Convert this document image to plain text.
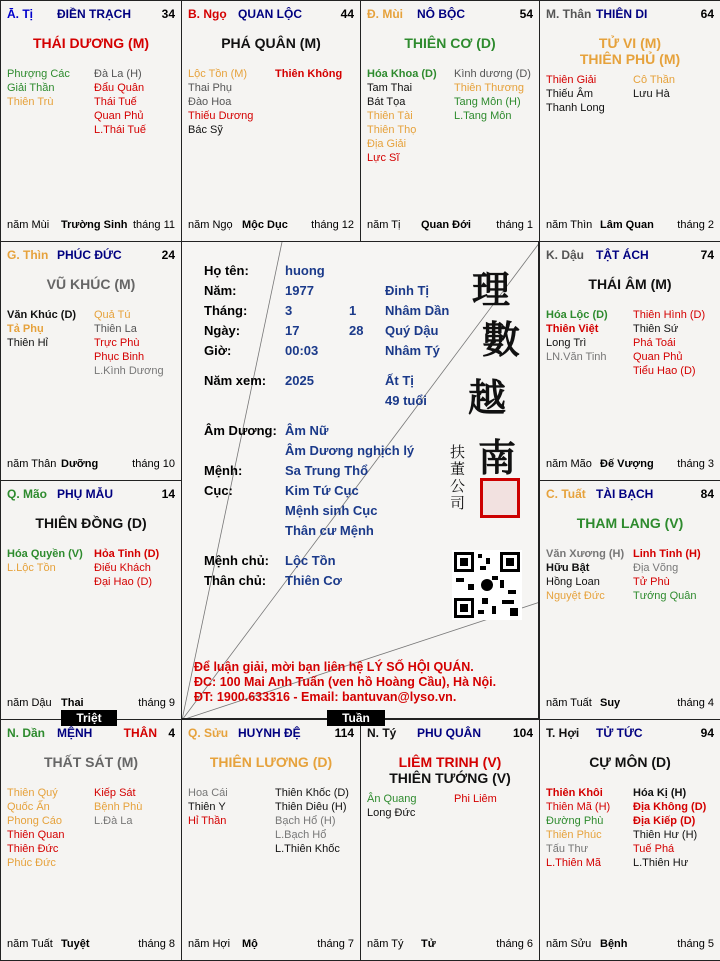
Ā. Tị ĐIỀN TRẠCH	34
THÁI DƯƠNG (M)
Phượng Các
Giải Thần
Thiên Trù
Đà La (H)
Đẩu Quân
Thái Tuế
Quan Phủ
L.Thái Tuế
năm Mùi Trường Sinh tháng 11
B. Ngọ QUAN LỘC	44
PHÁ QUÂN (M)
Lộc Tồn (M)
Thai Phụ
Đào Hoa
Thiếu Dương
Bác Sỹ
Thiên Không
năm Ngọ Mộc Dục tháng 12
Đ. Mùi NÔ BỘC	54
THIÊN CƠ (D)
Hóa Khoa (D)
Tam Thai
Bát Tọa
Thiên Tài
Thiên Thọ
Địa Giải
Lực Sĩ
Kình dương (D)
Thiên Thương
Tang Môn (H)
L.Tang Môn
năm Tị Quan Đới tháng 1
M. Thân THIÊN DI	64
TỬ VI (M)
THIÊN PHỦ (M)
Thiên Giải
Thiếu Âm
Thanh Long
Cô Thần
Lưu Hà
năm Thìn Lâm Quan tháng 2
G. Thìn PHÚC ĐỨC	24
VŨ KHÚC (M)
Văn Khúc (D)
Tả Phụ
Thiên Hỉ
Quả Tú
Thiên La
Trực Phù
Phục Binh
L.Kình Dương
năm Thân Dưỡng	tháng 10
K. Dậu TẬT ÁCH	74
THÁI ÂM (M)
Hóa Lộc (D)
Thiên Việt
Long Trì
LN.Văn Tinh
Thiên Hình (D)
Thiên Sứ
Phá Toái
Quan Phủ
Tiểu Hao (D)
năm Mão Đế Vượng tháng 3
Q. Mão PHỤ MẪU	14
THIÊN ĐỒNG (D)
Hóa Quyền (V)
L.Lộc Tồn
Hỏa Tinh (D)
Điếu Khách
Đại Hao (D)
năm Dậu Thai	tháng 9
C. Tuất TÀI BẠCH	84
THAM LANG (V)
Văn Xương (H)
Hữu Bật
Hồng Loan
Nguyệt Đức
Linh Tinh (H)
Địa Võng
Tử Phù
Tướng Quân
năm Tuất Suy	tháng 4
N. Dần MỆNH	THÂN 4
THẤT SÁT (M)
Thiên Quý
Quốc Ấn
Phong Cáo
Thiên Quan
Thiên Đức
Phúc Đức
Kiếp Sát
Bệnh Phù
L.Đà La
năm Tuất Tuyệt	tháng 8
Q. Sửu HUYNH ĐỆ	114
THIÊN LƯƠNG (D)
Hoa Cái
Thiên Y
Hỉ Thần
Thiên Khốc (D)
Thiên Diêu (H)
Bạch Hổ (H)
L.Bạch Hổ
L.Thiên Khốc
năm Hợi Mộ	tháng 7
N. Tý PHU QUÂN	104
LIÊM TRINH (V)
THIÊN TƯỚNG (V)
Ân Quang
Long Đức
Phi Liêm
năm Tý Tử	tháng 6
T. Hợi TỬ TỨC	94
CỰ MÔN (D)
Thiên Khôi
Thiên Mã (H)
Đường Phù
Thiên Phúc
Tấu Thư
L.Thiên Mã
Hóa Kị (H)
Địa Không (D)
Địa Kiếp (D)
Thiên Hư (H)
Tuế Phá
L.Thiên Hư
năm Sửu Bệnh	tháng 5
Họ tên:	huong
Năm:	1977	Đinh Tị
Tháng:	3	1 Nhâm Dần
Ngày:	17	28 Quý Dậu
Giờ:	00:03	Nhâm Tý
Năm xem: 2025	Ất Tị
49 tuổi
Âm Dương: Âm Nữ
Âm Dương nghịch lý
Mệnh:	Sa Trung Thổ
Cục:	Kim Tứ Cục
Mệnh sinh Cục
Thân cư Mệnh
Mệnh chủ: Lộc Tồn
Thân chủ: Thiên Cơ
理
數
越
南
扶
董
公
司
Để luận giải, mời bạn liên hệ LÝ SỐ HỘI QUÁN.
ĐC: 100 Mai Anh Tuấn (ven hồ Hoàng Cầu), Hà Nội.
ĐT: 1900.633316 - Email: bantuvan@lyso.vn.
Triệt	Tuần
